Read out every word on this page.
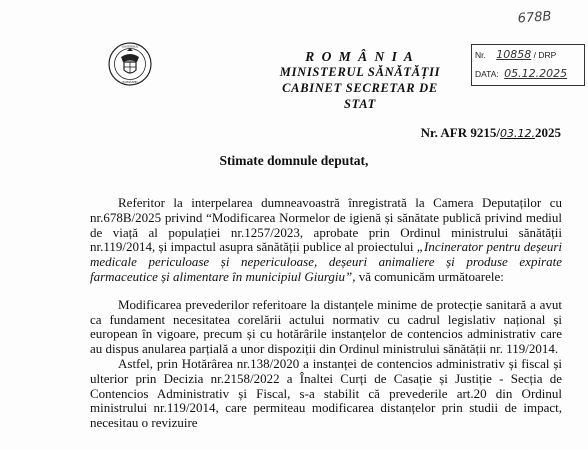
678B
GUVERNUL
ROMÂNIEI
R O M Â N I A
MINISTERUL SĂNĂTĂȚII
CABINET SECRETAR DE STAT
Nr. 10858 / DRP
DATA: 05.12.2025
Nr. AFR 9215/03.12.2025
Stimate domnule deputat,

Referitor la interpelarea dumneavoastră înregistrată la Camera Deputaților cu nr.678B/2025 privind “Modificarea Normelor de igienă și sănătate publică privind mediul de viață al populației nr.1257/2023, aprobate prin Ordinul ministrului sănătății nr.119/2014, și impactul asupra sănătății publice al proiectului „Incinerator pentru deșeuri medicale periculoase și nepericuloase, deșeuri animaliere și produse expirate farmaceutice și alimentare în municipiul Giurgiu”, vă comunicăm următoarele:

Modificarea prevederilor referitoare la distanțele minime de protecție sanitară a avut ca fundament necesitatea corelării actului normativ cu cadrul legislativ național și european în vigoare, precum și cu hotărârile instanțelor de contencios administrativ care au dispus anularea parțială a unor dispoziții din Ordinul ministrului sănătății nr. 119/2014.

Astfel, prin Hotărârea nr.138/2020 a instanței de contencios administrativ și fiscal și ulterior prin Decizia nr.2158/2022 a Înaltei Curți de Casație și Justiție - Secția de Contencios Administrativ și Fiscal, s-a stabilit că prevederile art.20 din Ordinul ministrului nr.119/2014, care permiteau modificarea distanțelor prin studii de impact, necesitau o revizuire
